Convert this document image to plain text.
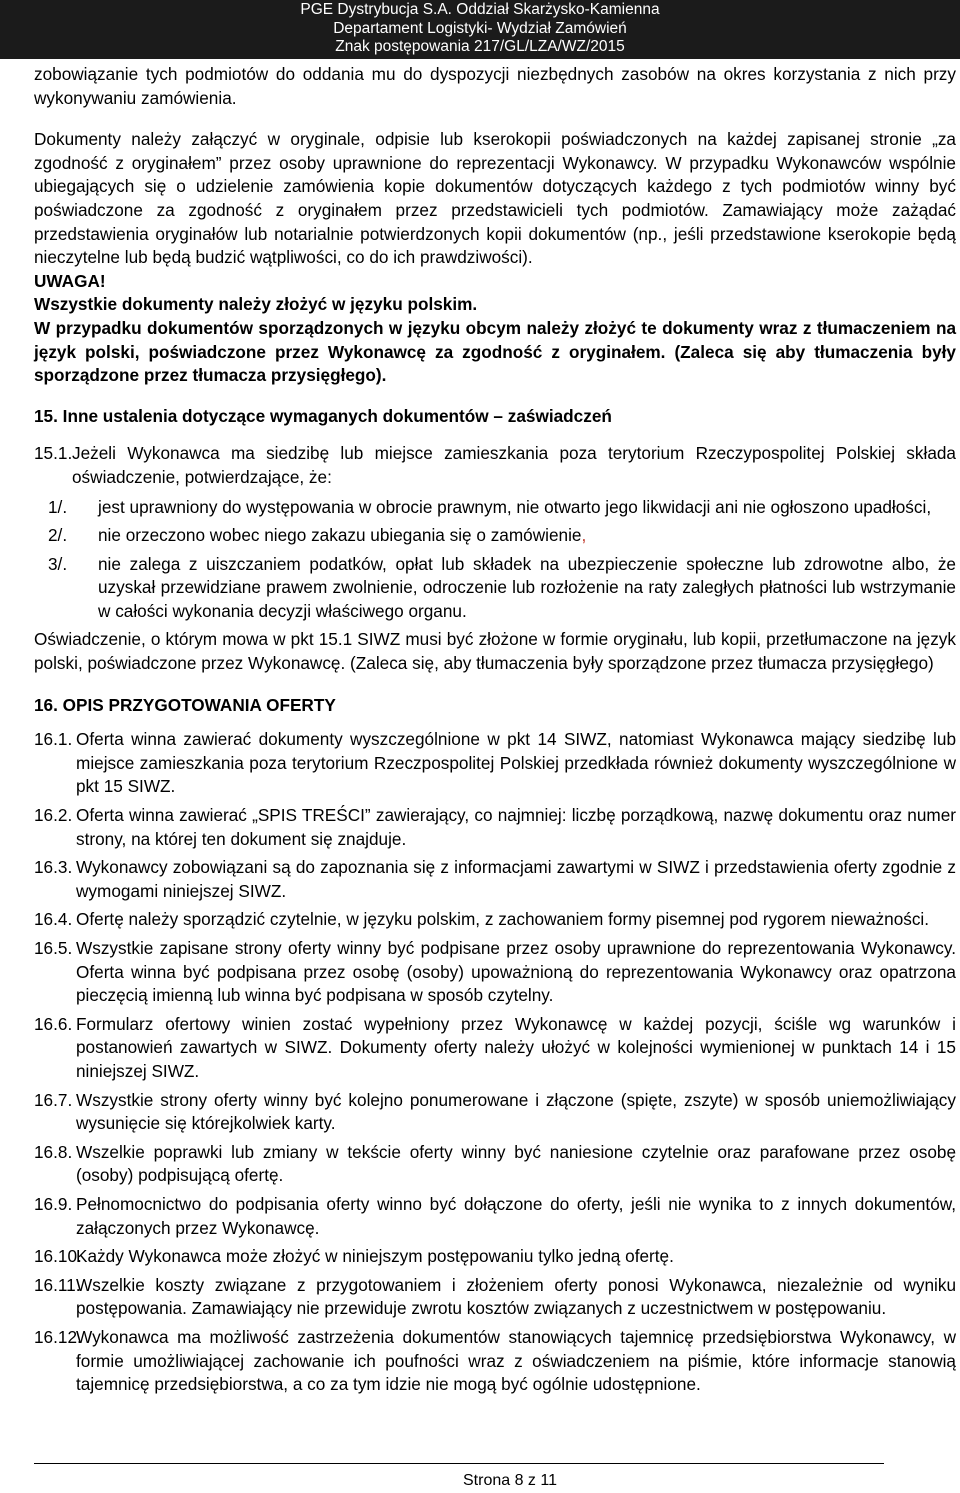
PGE Dystrybucja S.A. Oddział Skarżysko-Kamienna
Departament Logistyki- Wydział Zamówień
Znak postępowania 217/GL/LZA/WZ/2015

zobowiązanie tych podmiotów do oddania mu do dyspozycji niezbędnych zasobów na okres korzystania z nich przy wykonywaniu zamówienia.

Dokumenty należy załączyć w oryginale, odpisie lub kserokopii poświadczonych na każdej zapisanej stronie „za zgodność z oryginałem” przez osoby uprawnione do reprezentacji Wykonawcy. W przypadku Wykonawców wspólnie ubiegających się o udzielenie zamówienia kopie dokumentów dotyczących każdego z tych podmiotów winny być poświadczone za zgodność z oryginałem przez przedstawicieli tych podmiotów. Zamawiający może zażądać przedstawienia oryginałów lub notarialnie potwierdzonych kopii dokumentów (np., jeśli przedstawione kserokopie będą nieczytelne lub będą budzić wątpliwości, co do ich prawdziwości).

UWAGA!

Wszystkie dokumenty należy złożyć w języku polskim.

W przypadku dokumentów sporządzonych w języku obcym należy złożyć te dokumenty wraz z tłumaczeniem na język polski, poświadczone przez Wykonawcę za zgodność z oryginałem. (Zaleca się aby tłumaczenia były sporządzone przez tłumacza przysięgłego).

15. Inne ustalenia dotyczące wymaganych dokumentów – zaświadczeń

15.1. Jeżeli Wykonawca ma siedzibę lub miejsce zamieszkania poza terytorium Rzeczypospolitej Polskiej składa oświadczenie, potwierdzające, że:
1/.	jest uprawniony do występowania w obrocie prawnym, nie otwarto jego likwidacji ani nie ogłoszono upadłości,
2/.	nie orzeczono wobec niego zakazu ubiegania się o zamówienie,
3/.	nie zalega z uiszczaniem podatków, opłat lub składek na ubezpieczenie społeczne lub zdrowotne albo, że uzyskał przewidziane prawem zwolnienie, odroczenie lub rozłożenie na raty zaległych płatności lub wstrzymanie w całości wykonania decyzji właściwego organu.

Oświadczenie, o którym mowa w pkt 15.1 SIWZ musi być złożone w formie oryginału, lub kopii, przetłumaczone na język polski, poświadczone przez Wykonawcę. (Zaleca się, aby tłumaczenia były sporządzone przez tłumacza przysięgłego)

16. OPIS PRZYGOTOWANIA OFERTY

16.1. Oferta winna zawierać dokumenty wyszczególnione w pkt 14 SIWZ, natomiast Wykonawca mający siedzibę lub miejsce zamieszkania poza terytorium Rzeczpospolitej Polskiej przedkłada również dokumenty wyszczególnione w pkt 15 SIWZ.
16.2. Oferta winna zawierać „SPIS TREŚCI” zawierający, co najmniej: liczbę porządkową, nazwę dokumentu oraz numer strony, na której ten dokument się znajduje.
16.3. Wykonawcy zobowiązani są do zapoznania się z informacjami zawartymi w SIWZ i przedstawienia oferty zgodnie z wymogami niniejszej SIWZ.
16.4. Ofertę należy sporządzić czytelnie, w języku polskim, z zachowaniem formy pisemnej pod rygorem nieważności.
16.5. Wszystkie zapisane strony oferty winny być podpisane przez osoby uprawnione do reprezentowania Wykonawcy. Oferta winna być podpisana przez osobę (osoby) upoważnioną do reprezentowania Wykonawcy oraz opatrzona pieczęcią imienną lub winna być podpisana w sposób czytelny.
16.6. Formularz ofertowy winien zostać wypełniony przez Wykonawcę w każdej pozycji, ściśle wg warunków i postanowień zawartych w SIWZ. Dokumenty oferty należy ułożyć w kolejności wymienionej w punktach 14 i 15 niniejszej SIWZ.
16.7. Wszystkie strony oferty winny być kolejno ponumerowane i złączone (spięte, zszyte) w sposób uniemożliwiający wysunięcie się którejkolwiek karty.
16.8. Wszelkie poprawki lub zmiany w tekście oferty winny być naniesione czytelnie oraz parafowane przez osobę (osoby) podpisującą ofertę.
16.9. Pełnomocnictwo do podpisania oferty winno być dołączone do oferty, jeśli nie wynika to z innych dokumentów, załączonych przez Wykonawcę.
16.10.
Każdy Wykonawca może złożyć w niniejszym postępowaniu tylko jedną ofertę.
16.11.
Wszelkie koszty związane z przygotowaniem i złożeniem oferty ponosi Wykonawca, niezależnie od wyniku postępowania. Zamawiający nie przewiduje zwrotu kosztów związanych z uczestnictwem w postępowaniu.
16.12.
Wykonawca ma możliwość zastrzeżenia dokumentów stanowiących tajemnicę przedsiębiorstwa Wykonawcy, w formie umożliwiającej zachowanie ich poufności wraz z oświadczeniem na piśmie, które informacje stanowią tajemnicę przedsiębiorstwa, a co za tym idzie nie mogą być ogólnie udostępnione.
Strona 8 z 11
